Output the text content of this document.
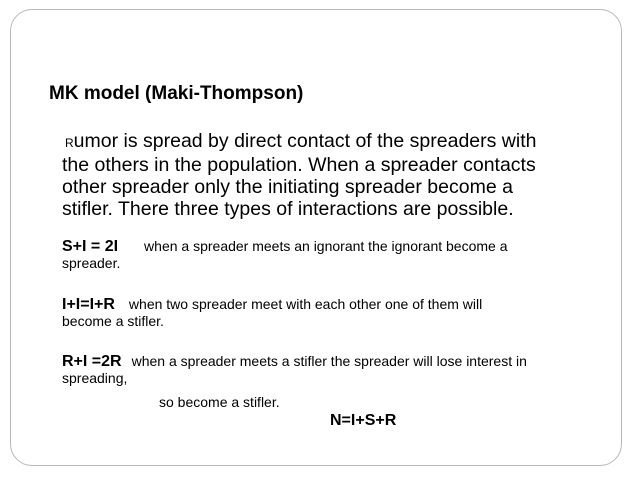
MK model (Maki-Thompson)

Rumor is spread by direct contact of the spreaders with
the others in the population. When a spreader contacts
other spreader only the initiating spreader become a
stifler. There three types of interactions are possible.

S+I = 2I when a spreader meets an ignorant the ignorant become a
spreader.

I+I=I+R when two spreader meet with each other one of them will
become a stifler.

R+I =2R when a spreader meets a stifler the spreader will lose interest in
spreading,
so become a stifler.

N=I+S+R
